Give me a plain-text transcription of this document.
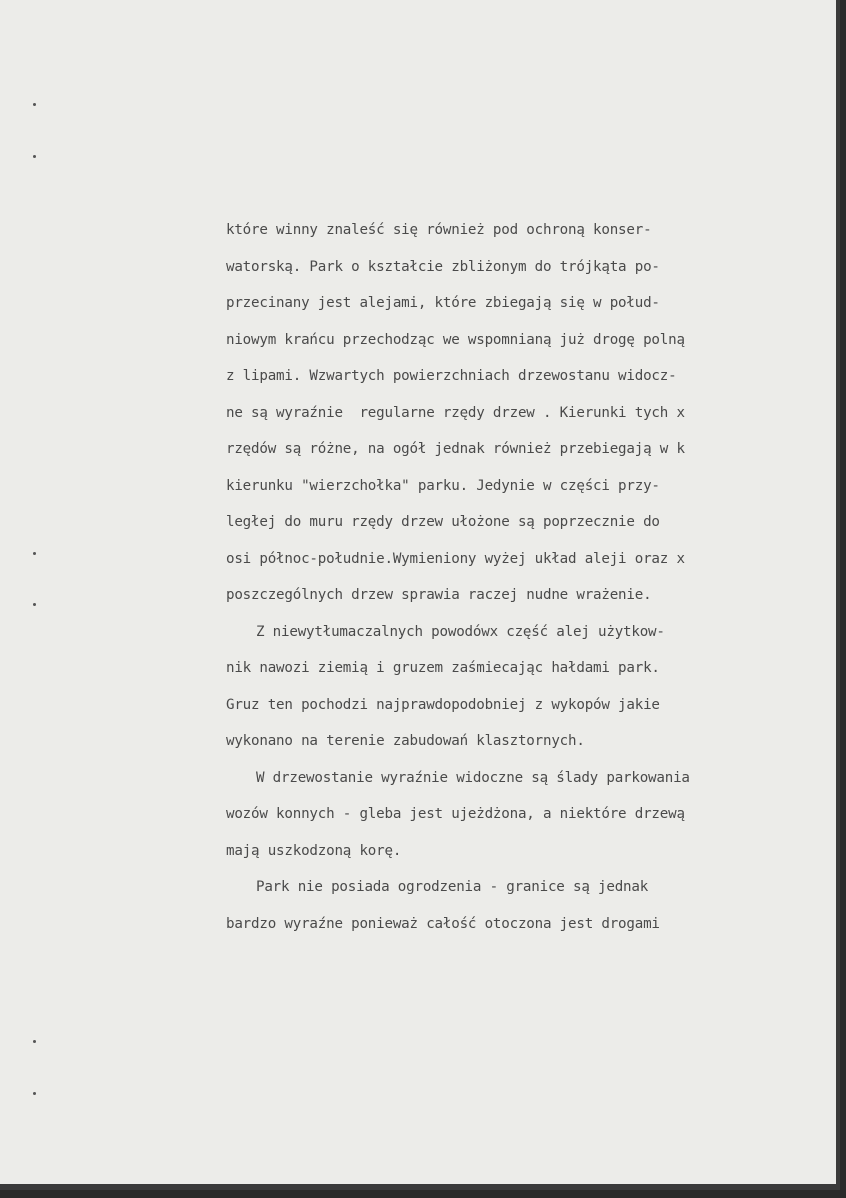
które winny znaleść się również pod ochroną konser-
watorską. Park o kształcie zbliżonym do trójkąta po-
przecinany jest alejami, które zbiegają się w połud-
niowym krańcu przechodząc we wspomnianą już drogę polną
z lipami. Wzwartych powierzchniach drzewostanu widocz-
ne są wyraźnie  regularne rzędy drzew . Kierunki tych x
rzędów są różne, na ogół jednak również przebiegają w k
kierunku "wierzchołka" parku. Jedynie w części przy-
ległej do muru rzędy drzew ułożone są poprzecznie do
osi północ-południe.Wymieniony wyżej układ aleji oraz x
poszczególnych drzew sprawia raczej nudne wrażenie.
Z niewytłumaczalnych powodówx część alej użytkow-
nik nawozi ziemią i gruzem zaśmiecając hałdami park.
Gruz ten pochodzi najprawdopodobniej z wykopów jakie
wykonano na terenie zabudowań klasztornych.
W drzewostanie wyraźnie widoczne są ślady parkowania
wozów konnych - gleba jest ujeżdżona, a niektóre drzewą
mają uszkodzoną korę.
Park nie posiada ogrodzenia - granice są jednak
bardzo wyraźne ponieważ całość otoczona jest drogami
